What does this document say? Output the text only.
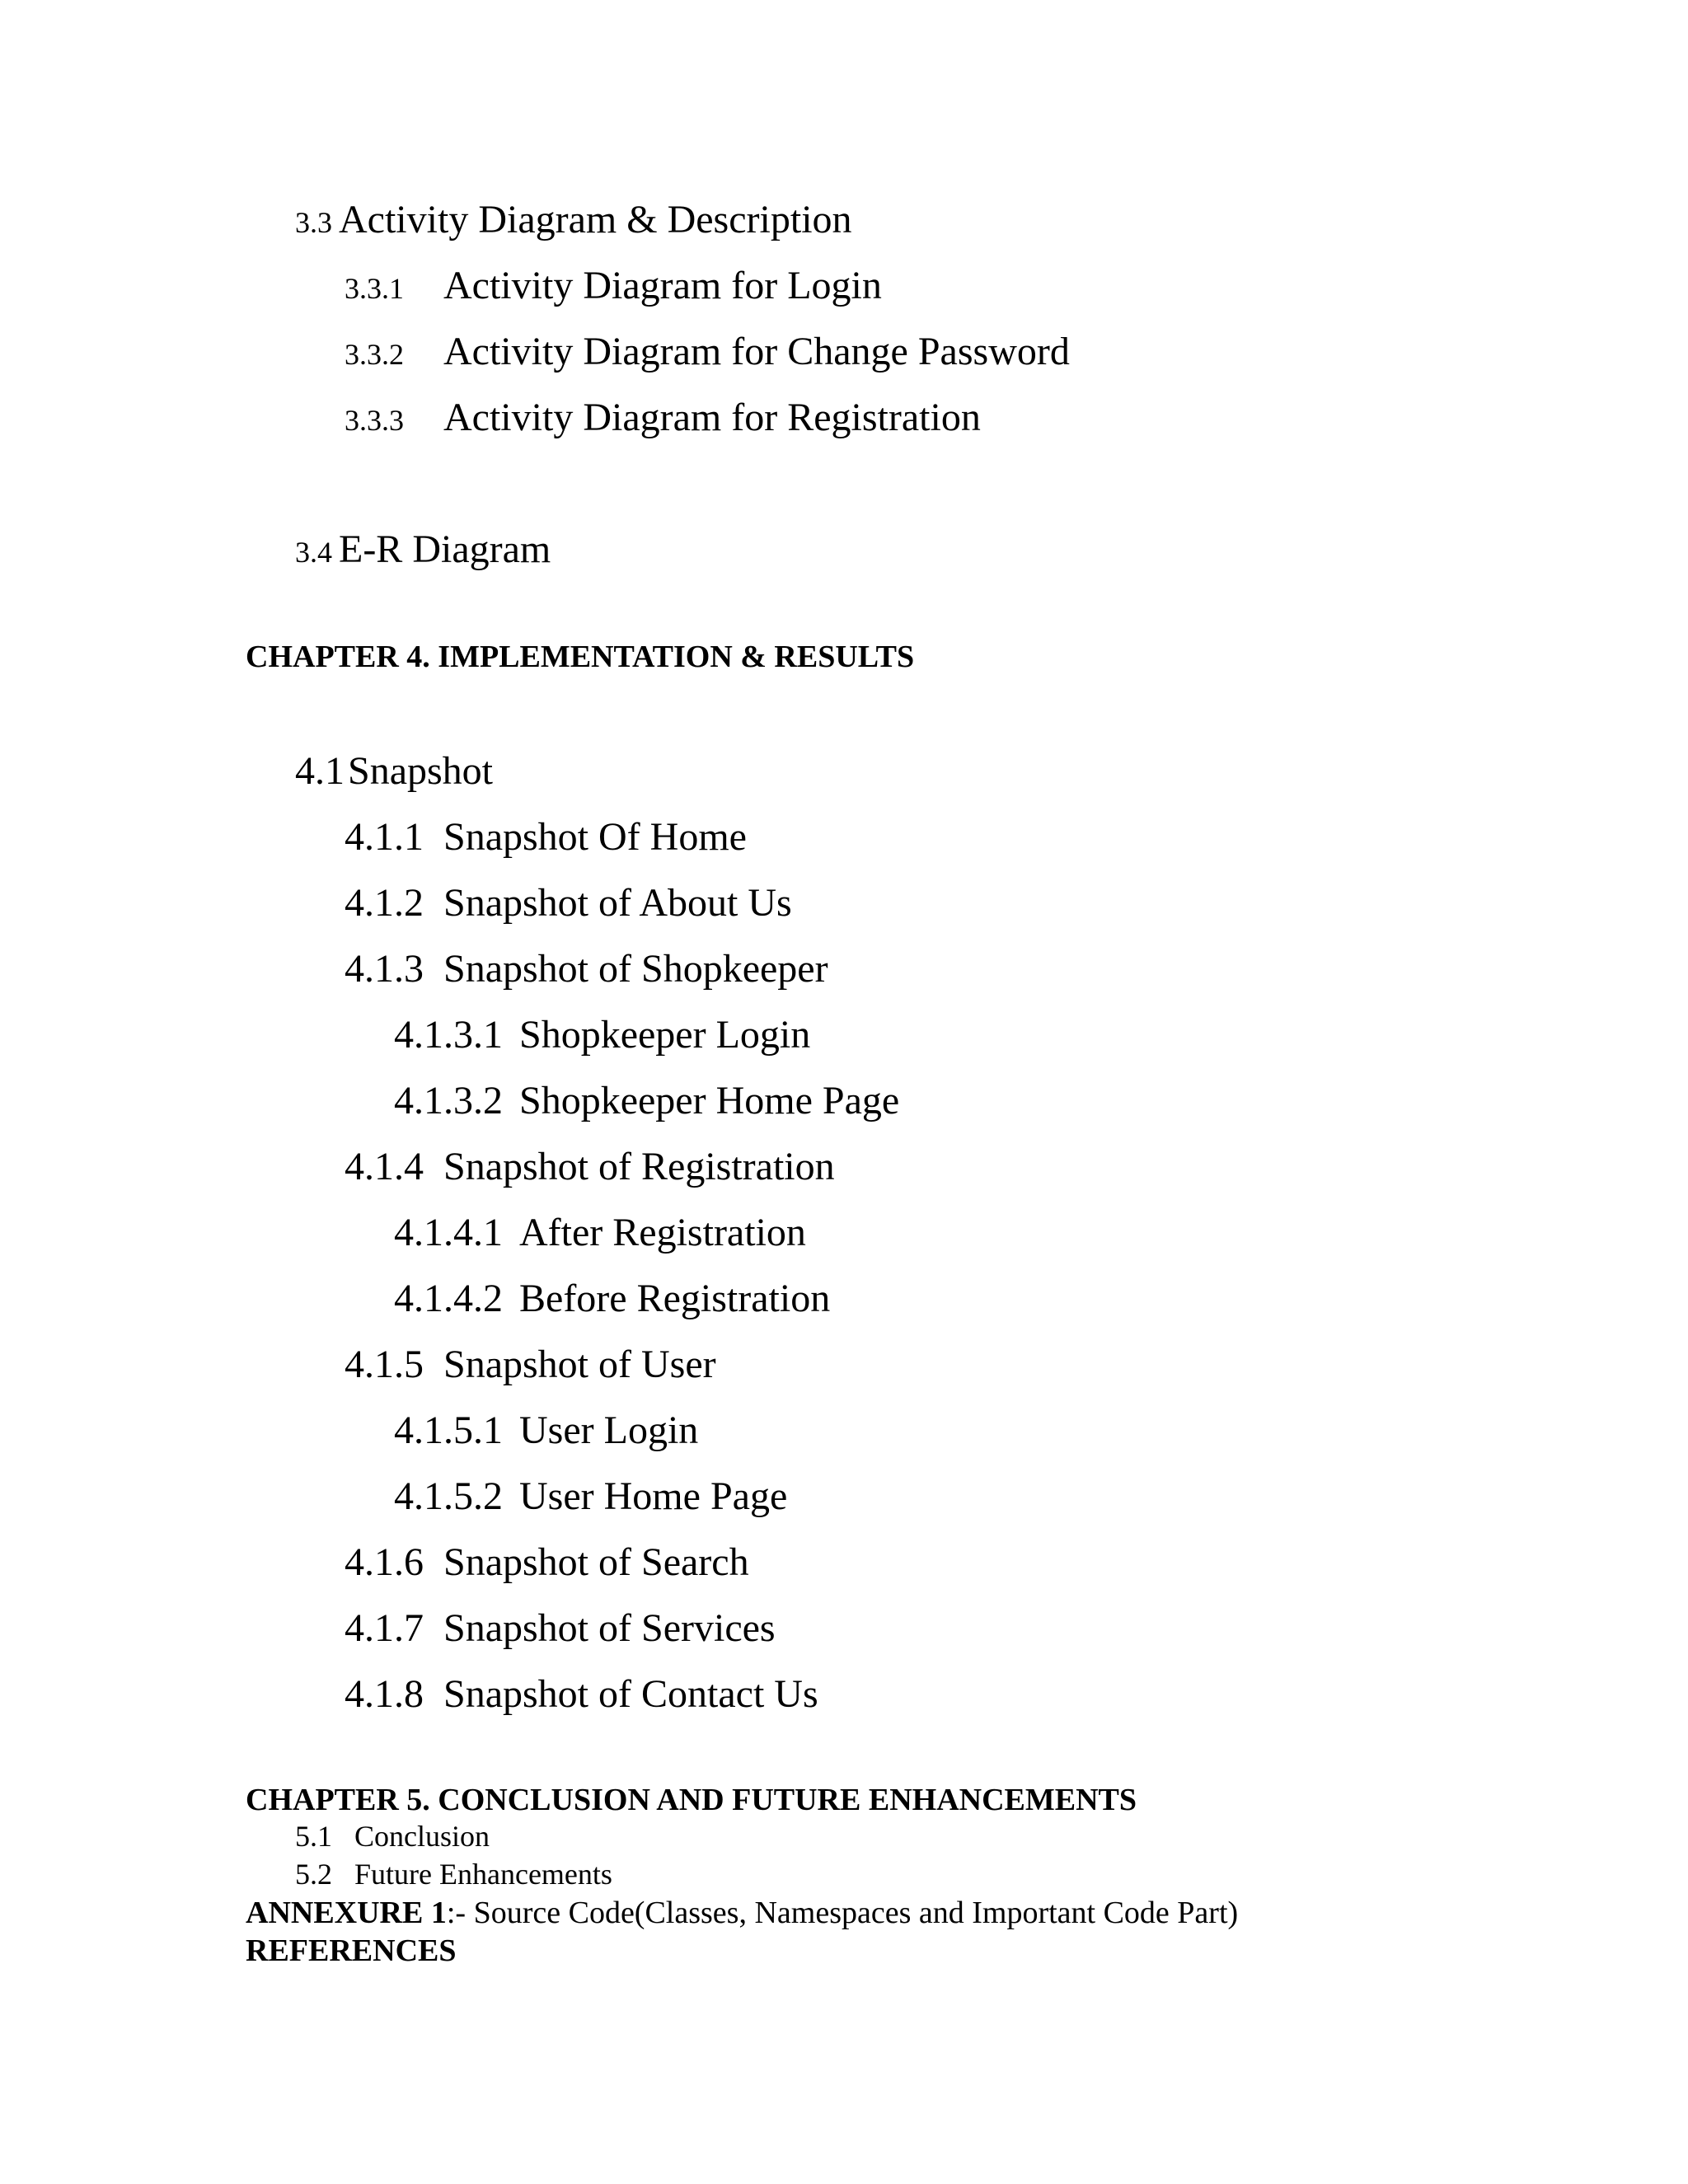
3.3 Activity Diagram & Description
3.3.1 Activity Diagram for Login
3.3.2 Activity Diagram for Change Password
3.3.3 Activity Diagram for Registration
3.4 E-R Diagram
CHAPTER 4. IMPLEMENTATION & RESULTS
4.1Snapshot
4.1.1 Snapshot Of Home
4.1.2 Snapshot of About Us
4.1.3 Snapshot of Shopkeeper
4.1.3.1 Shopkeeper Login
4.1.3.2 Shopkeeper Home Page
4.1.4 Snapshot of Registration
4.1.4.1 After Registration
4.1.4.2 Before Registration
4.1.5 Snapshot of User
4.1.5.1 User Login
4.1.5.2 User Home Page
4.1.6 Snapshot of Search
4.1.7 Snapshot of Services
4.1.8 Snapshot of Contact Us
CHAPTER 5. CONCLUSION AND FUTURE ENHANCEMENTS
5.1 Conclusion
5.2 Future Enhancements
ANNEXURE 1:- Source Code(Classes, Namespaces and Important Code Part)
REFERENCES
